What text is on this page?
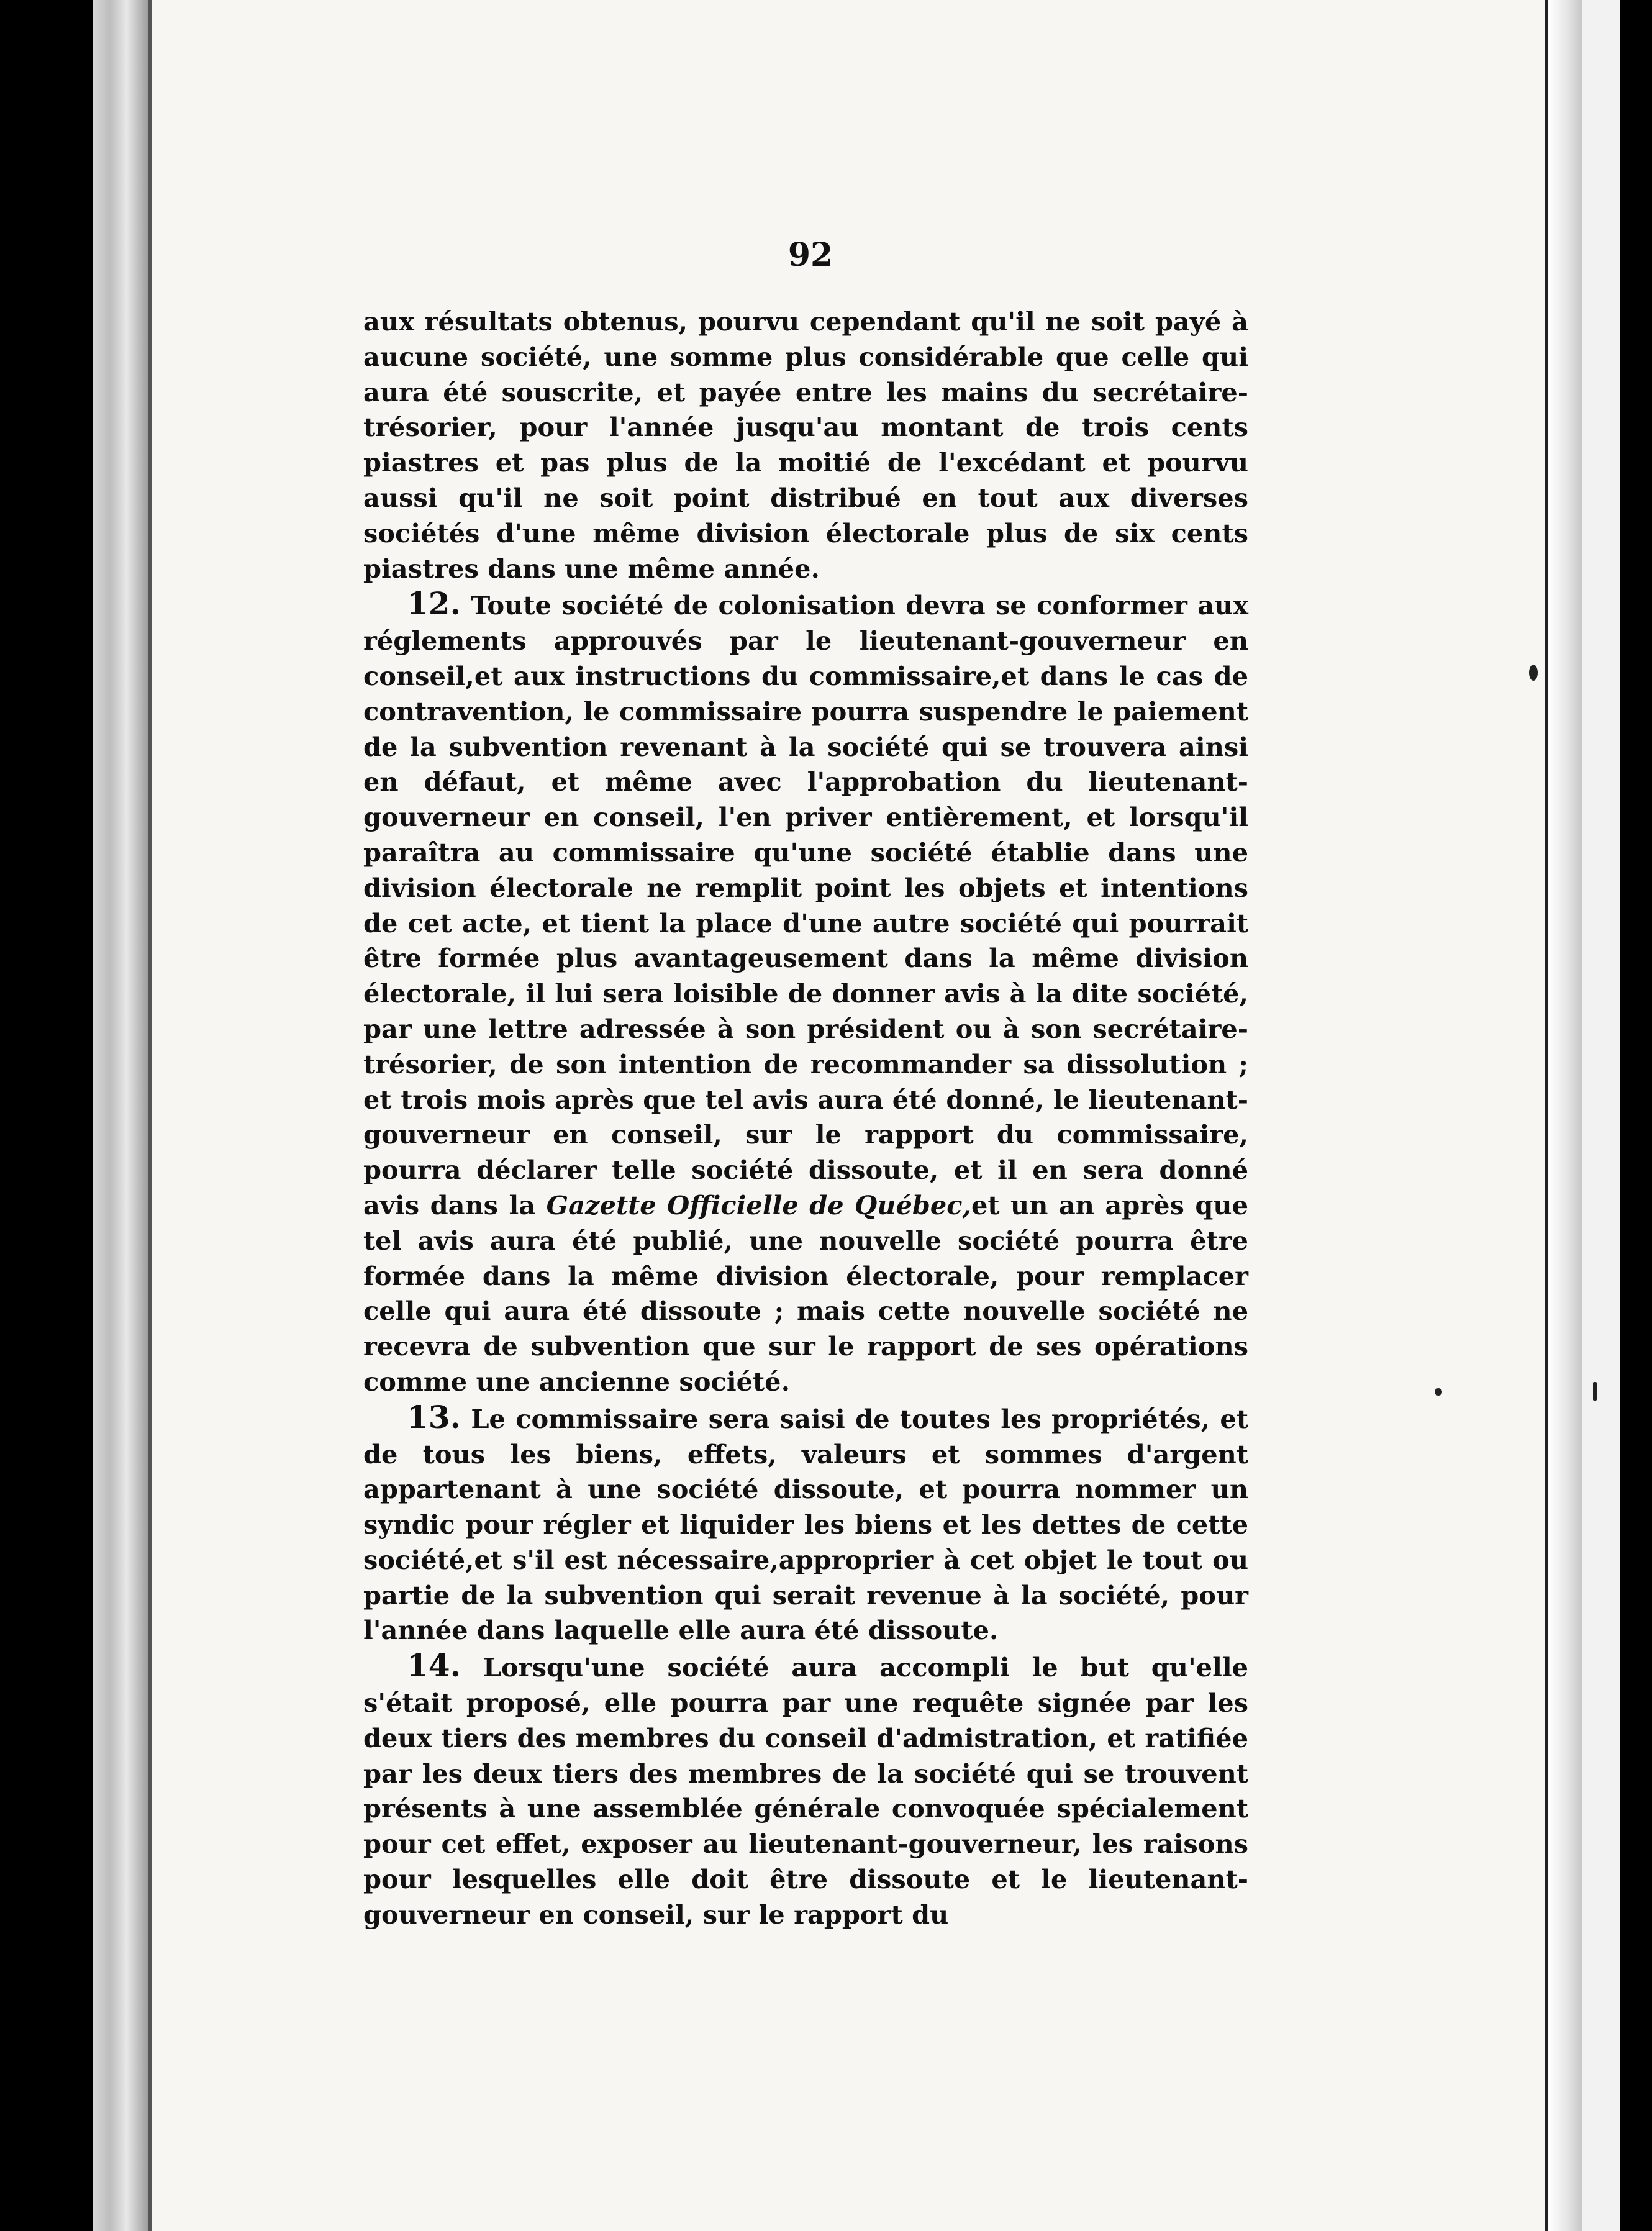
92

aux résultats obtenus, pourvu cependant qu'il ne soit payé à aucune société, une somme plus considérable que celle qui aura été souscrite, et payée entre les mains du secrétaire-trésorier, pour l'année jusqu'au montant de trois cents piastres et pas plus de la moitié de l'excédant et pourvu aussi qu'il ne soit point distribué en tout aux diverses sociétés d'une même division électorale plus de six cents piastres dans une même année.

12. Toute société de colonisation devra se conformer aux réglements approuvés par le lieutenant-gouverneur en conseil,et aux instructions du commissaire,et dans le cas de contravention, le commissaire pourra suspendre le paiement de la subvention revenant à la société qui se trouvera ainsi en défaut, et même avec l'approbation du lieutenant-gouverneur en conseil, l'en priver entièrement, et lorsqu'il paraîtra au commissaire qu'une société établie dans une division électorale ne remplit point les objets et intentions de cet acte, et tient la place d'une autre société qui pourrait être formée plus avantageusement dans la même division électorale, il lui sera loisible de donner avis à la dite société, par une lettre adressée à son président ou à son secrétaire-trésorier, de son intention de recommander sa dissolution ; et trois mois après que tel avis aura été donné, le lieutenant-gouverneur en conseil, sur le rapport du commissaire, pourra déclarer telle société dissoute, et il en sera donné avis dans la Gazette Officielle de Québec,et un an après que tel avis aura été publié, une nouvelle société pourra être formée dans la même division électorale, pour remplacer celle qui aura été dissoute ; mais cette nouvelle société ne recevra de subvention que sur le rapport de ses opérations comme une ancienne société.

13. Le commissaire sera saisi de toutes les propriétés, et de tous les biens, effets, valeurs et sommes d'argent appartenant à une société dissoute, et pourra nommer un syndic pour régler et liquider les biens et les dettes de cette société,et s'il est nécessaire,approprier à cet objet le tout ou partie de la subvention qui serait revenue à la société, pour l'année dans laquelle elle aura été dissoute.

14. Lorsqu'une société aura accompli le but qu'elle s'était proposé, elle pourra par une requête signée par les deux tiers des membres du conseil d'admistration, et ratifiée par les deux tiers des membres de la société qui se trouvent présents à une assemblée générale convoquée spécialement pour cet effet, exposer au lieutenant-gouverneur, les raisons pour lesquelles elle doit être dissoute et le lieutenant-gouverneur en conseil, sur le rapport du
